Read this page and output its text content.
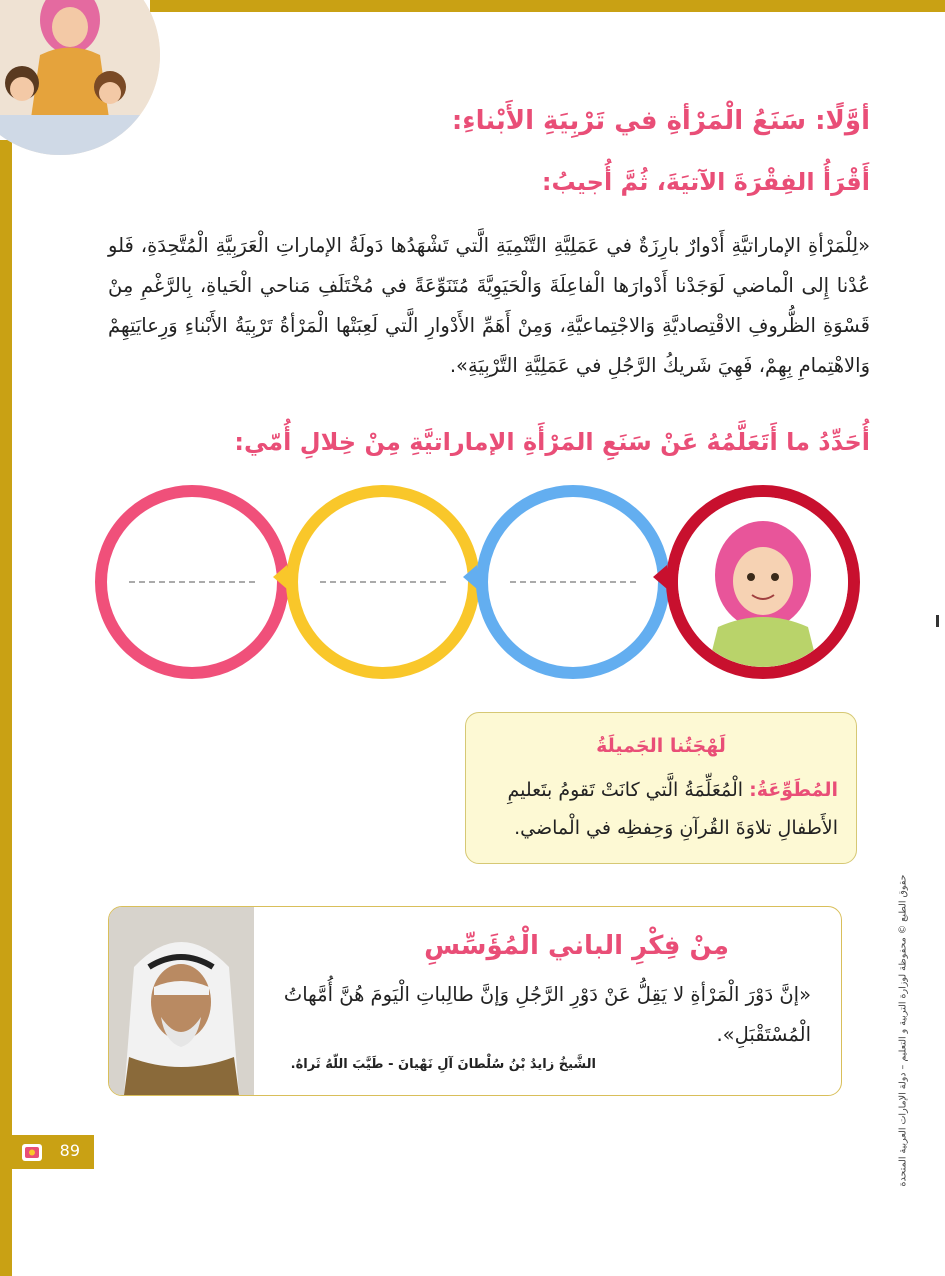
أوَّلًا: سَنَعُ الْمَرْأةِ في تَرْبِيَةِ الأَبْناءِ:
أَقْرَأُ الفِقْرَةَ الآتيَةَ، ثُمَّ أُجيبُ:
«لِلْمَرْأةِ الإماراتيَّةِ أَدْوارٌ بارِزَةٌ في عَمَلِيَّةِ التَّنْمِيَةِ الَّتي تَشْهَدُها دَولَةُ الإماراتِ الْعَرَبِيَّةِ الْمُتَّحِدَةِ، فَلو عُدْنا إِلى الْماضي لَوَجَدْنا أَدْوارَها الْفاعِلَةَ وَالْحَيَوِيَّةَ مُتَنَوِّعَةً في مُخْتَلَفِ مَناحي الْحَياةِ، بِالرَّغْمِ مِنْ قَسْوَةِ الظُّروفِ الاقْتِصاديَّةِ وَالاجْتِماعيَّةِ، وَمِنْ أَهَمِّ الأَدْوارِ الَّتي لَعِبَتْها الْمَرْأةُ تَرْبِيَةُ الأَبْناءِ وَرِعايَتِهِمْ وَالاهْتِمامِ بِهِمْ، فَهِيَ شَريكُ الرَّجُلِ في عَمَلِيَّةِ التَّرْبِيَةِ».
أُحَدِّدُ ما أَتَعَلَّمُهُ عَنْ سَنَعِ المَرْأَةِ الإماراتيَّةِ مِنْ خِلالِ أُمّي:
لَهْجَتُنا الجَميلَةُ
المُطَوِّعَةُ: الْمُعَلِّمَةُ الَّتي كانَتْ تَقومُ بتَعليمِ الأَطفالِ تلاوَةَ القُرآنِ وَحِفظِه في الْماضي.
حقوق الطبع © محفوظة لوزارة التربية و التعليم – دولة الإمارات العربية المتحدة
مِنْ فِكْرِ الباني الْمُؤَسِّسِ
«إنَّ دَوْرَ الْمَرْأةِ لا يَقِلُّ عَنْ دَوْرِ الرَّجُلِ وَإنَّ طالِباتِ الْيَومَ هُنَّ أُمَّهاتُ الْمُسْتَقْبَلِ».
الشَّيخُ زايدُ بْنُ سُلْطانَ آلِ نَهْيانَ - طَيَّبَ اللّهُ ثَراهُ.
89
